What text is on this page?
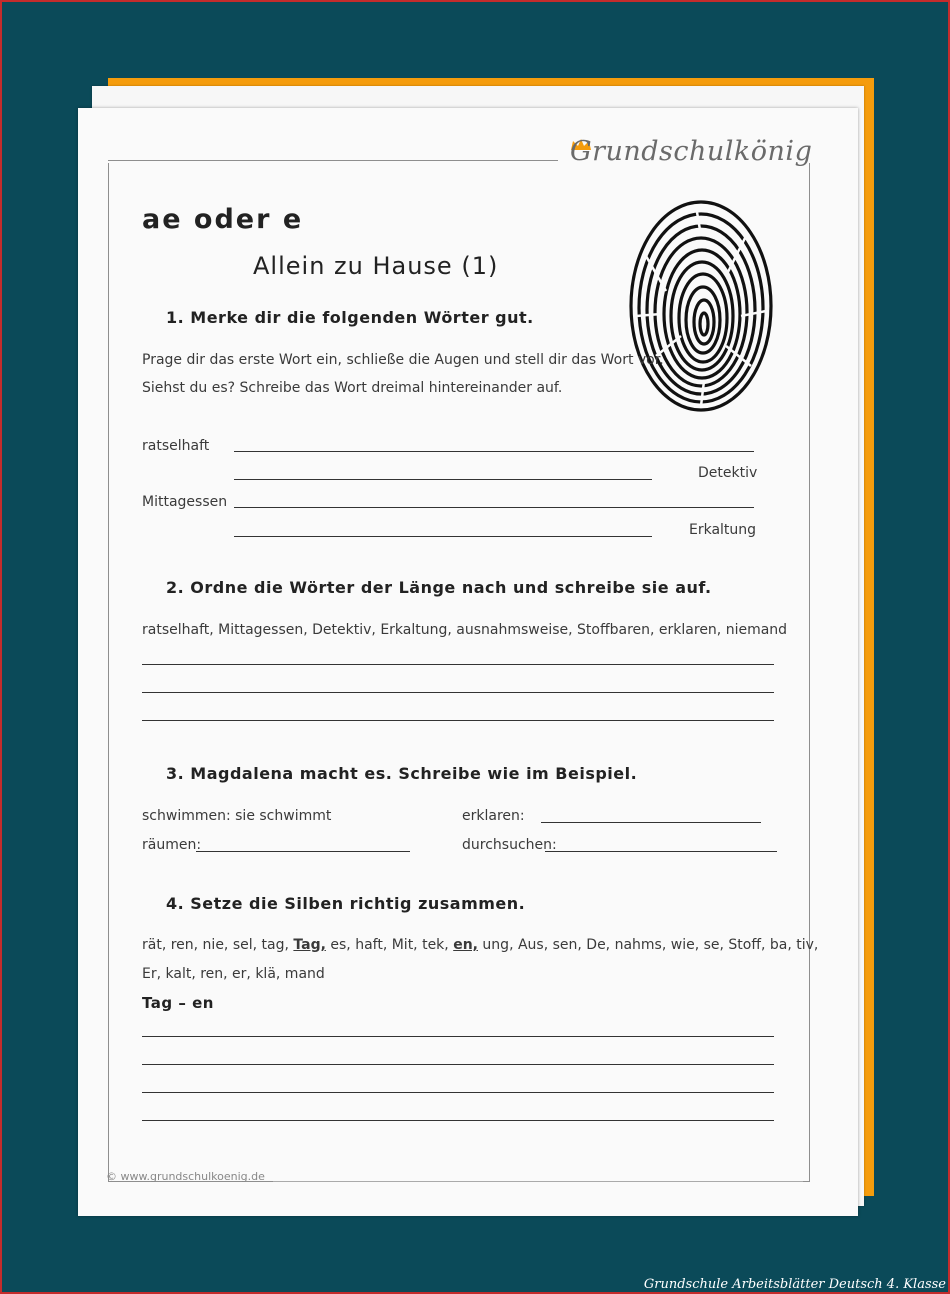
Grundschulkönig
ae oder e
Allein zu Hause (1)
1. Merke dir die folgenden Wörter gut.
Prage dir das erste Wort ein, schließe die Augen und stell dir das Wort vor.
Siehst du es? Schreibe das Wort dreimal hintereinander auf.
ratselhaft
Detektiv
Mittagessen
Erkaltung
2. Ordne die Wörter der Länge nach und schreibe sie auf.
ratselhaft, Mittagessen, Detektiv, Erkaltung, ausnahmsweise, Stoffbaren, erklaren, niemand
3. Magdalena macht es. Schreibe wie im Beispiel.
schwimmen: sie schwimmt	erklaren:
räumen:	durchsuchen:
4. Setze die Silben richtig zusammen.
rät, ren, nie, sel, tag, Tag, es, haft, Mit, tek, en, ung, Aus, sen, De, nahms, wie, se, Stoff, ba, tiv,
Er, kalt, ren, er, klä, mand
Tag – en
© www.grundschulkoenig.de
Grundschule Arbeitsblätter Deutsch 4. Klasse
